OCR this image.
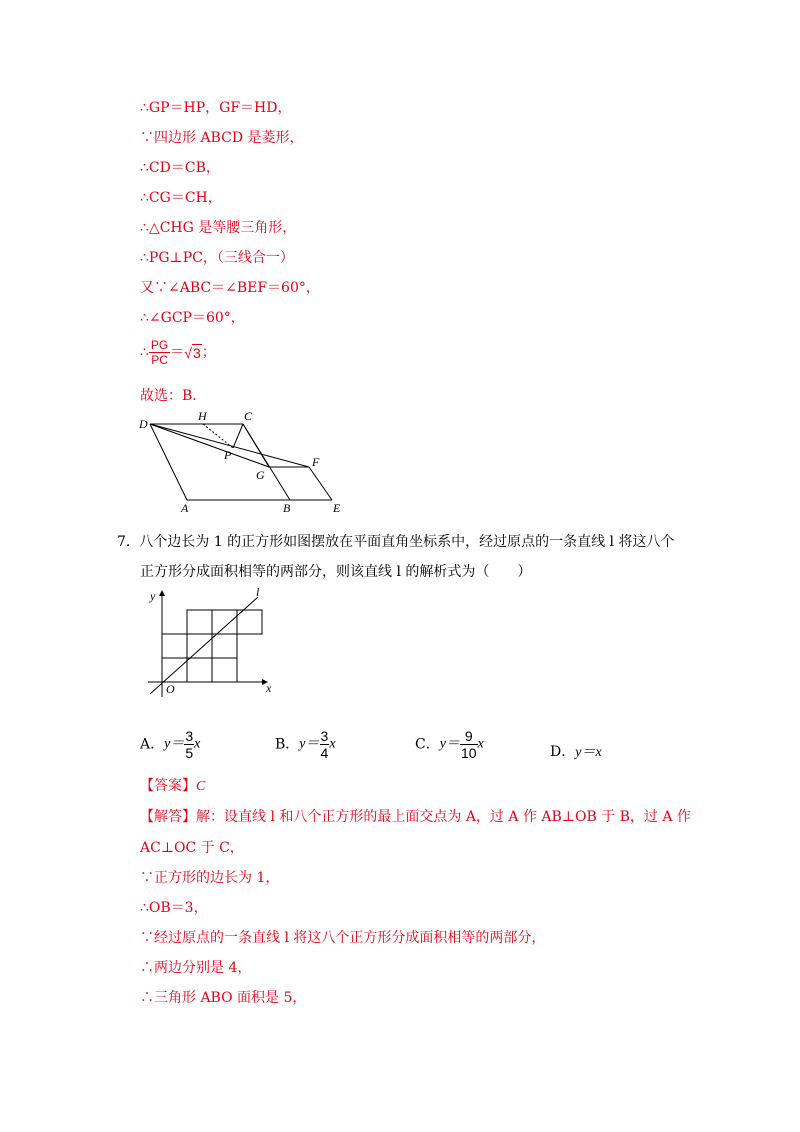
∴GP＝HP，GF＝HD，
∵四边形 ABCD 是菱形，
∴CD＝CB，
∴CG＝CH，
∴△CHG 是等腰三角形，
∴PG⊥PC，（三线合一）
又∵∠ABC＝∠BEF＝60°，
∴∠GCP＝60°，
∴ $\frac{PG}{PC} =√3$；
故选：B．
D
H	C
P	F
G
A	B	E
7. 八个边长为 1 的正方形如图摆放在平面直角坐标系中，经过原点的一条直线 l 将这八个
正方形分成面积相等的两部分，则该直线 l 的解析式为（　　）
y	l
O	x
A．$y= \frac{3}{5}$ x	B．$y= \frac{3}{4}$ x	C．$y= \frac{9}{10}$ x	D．y＝x
【答案】C
【解答】解：设直线 l 和八个正方形的最上面交点为 A，过 A 作 AB⊥OB 于 B，过 A 作
AC⊥OC 于 C，
∵正方形的边长为 1，
∴OB＝3，
∵经过原点的一条直线 l 将这八个正方形分成面积相等的两部分，
∴两边分别是 4，
∴三角形 ABO 面积是 5，
